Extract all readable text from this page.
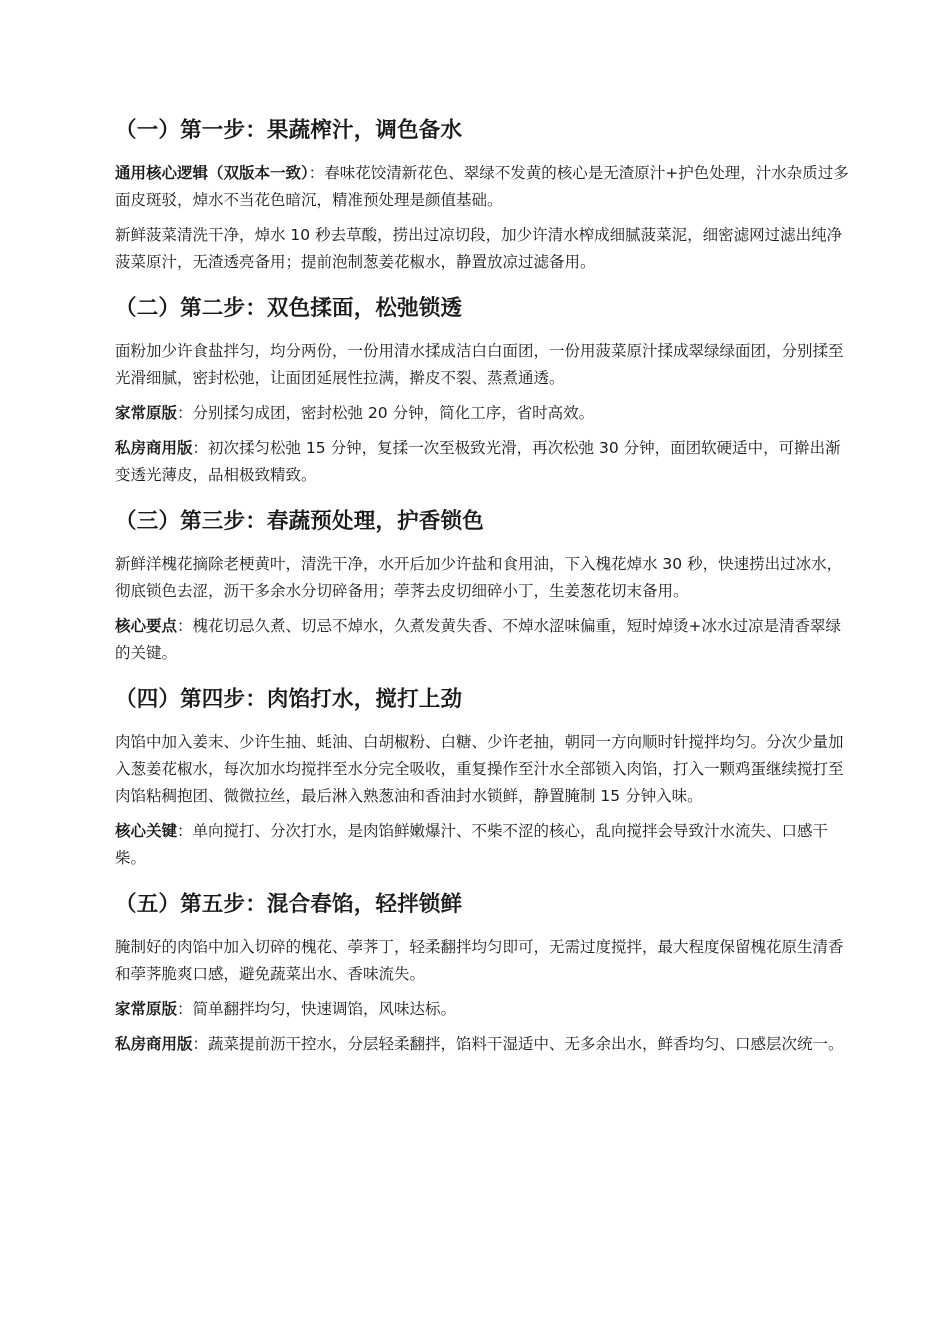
（一）第一步：果蔬榨汁，调色备水

通用核心逻辑（双版本一致）：春味花饺清新花色、翠绿不发黄的核心是无渣原汁+护色处理，汁水杂质过多面皮斑驳，焯水不当花色暗沉，精准预处理是颜值基础。

新鲜菠菜清洗干净，焯水 10 秒去草酸，捞出过凉切段，加少许清水榨成细腻菠菜泥，细密滤网过滤出纯净菠菜原汁，无渣透亮备用；提前泡制葱姜花椒水，静置放凉过滤备用。

（二）第二步：双色揉面，松弛锁透

面粉加少许食盐拌匀，均分两份，一份用清水揉成洁白白面团，一份用菠菜原汁揉成翠绿绿面团，分别揉至光滑细腻，密封松弛，让面团延展性拉满，擀皮不裂、蒸煮通透。

家常原版：分别揉匀成团，密封松弛 20 分钟，简化工序，省时高效。

私房商用版：初次揉匀松弛 15 分钟，复揉一次至极致光滑，再次松弛 30 分钟，面团软硬适中，可擀出渐变透光薄皮，品相极致精致。

（三）第三步：春蔬预处理，护香锁色

新鲜洋槐花摘除老梗黄叶，清洗干净，水开后加少许盐和食用油，下入槐花焯水 30 秒，快速捞出过冰水，彻底锁色去涩，沥干多余水分切碎备用；荸荠去皮切细碎小丁，生姜葱花切末备用。

核心要点：槐花切忌久煮、切忌不焯水，久煮发黄失香、不焯水涩味偏重，短时焯烫+冰水过凉是清香翠绿的关键。

（四）第四步：肉馅打水，搅打上劲

肉馅中加入姜末、少许生抽、蚝油、白胡椒粉、白糖、少许老抽，朝同一方向顺时针搅拌均匀。分次少量加入葱姜花椒水，每次加水均搅拌至水分完全吸收，重复操作至汁水全部锁入肉馅，打入一颗鸡蛋继续搅打至肉馅粘稠抱团、微微拉丝，最后淋入熟葱油和香油封水锁鲜，静置腌制 15 分钟入味。

核心关键：单向搅打、分次打水，是肉馅鲜嫩爆汁、不柴不涩的核心，乱向搅拌会导致汁水流失、口感干柴。

（五）第五步：混合春馅，轻拌锁鲜

腌制好的肉馅中加入切碎的槐花、荸荠丁，轻柔翻拌均匀即可，无需过度搅拌，最大程度保留槐花原生清香和荸荠脆爽口感，避免蔬菜出水、香味流失。

家常原版：简单翻拌均匀，快速调馅，风味达标。

私房商用版：蔬菜提前沥干控水，分层轻柔翻拌，馅料干湿适中、无多余出水，鲜香均匀、口感层次统一。
